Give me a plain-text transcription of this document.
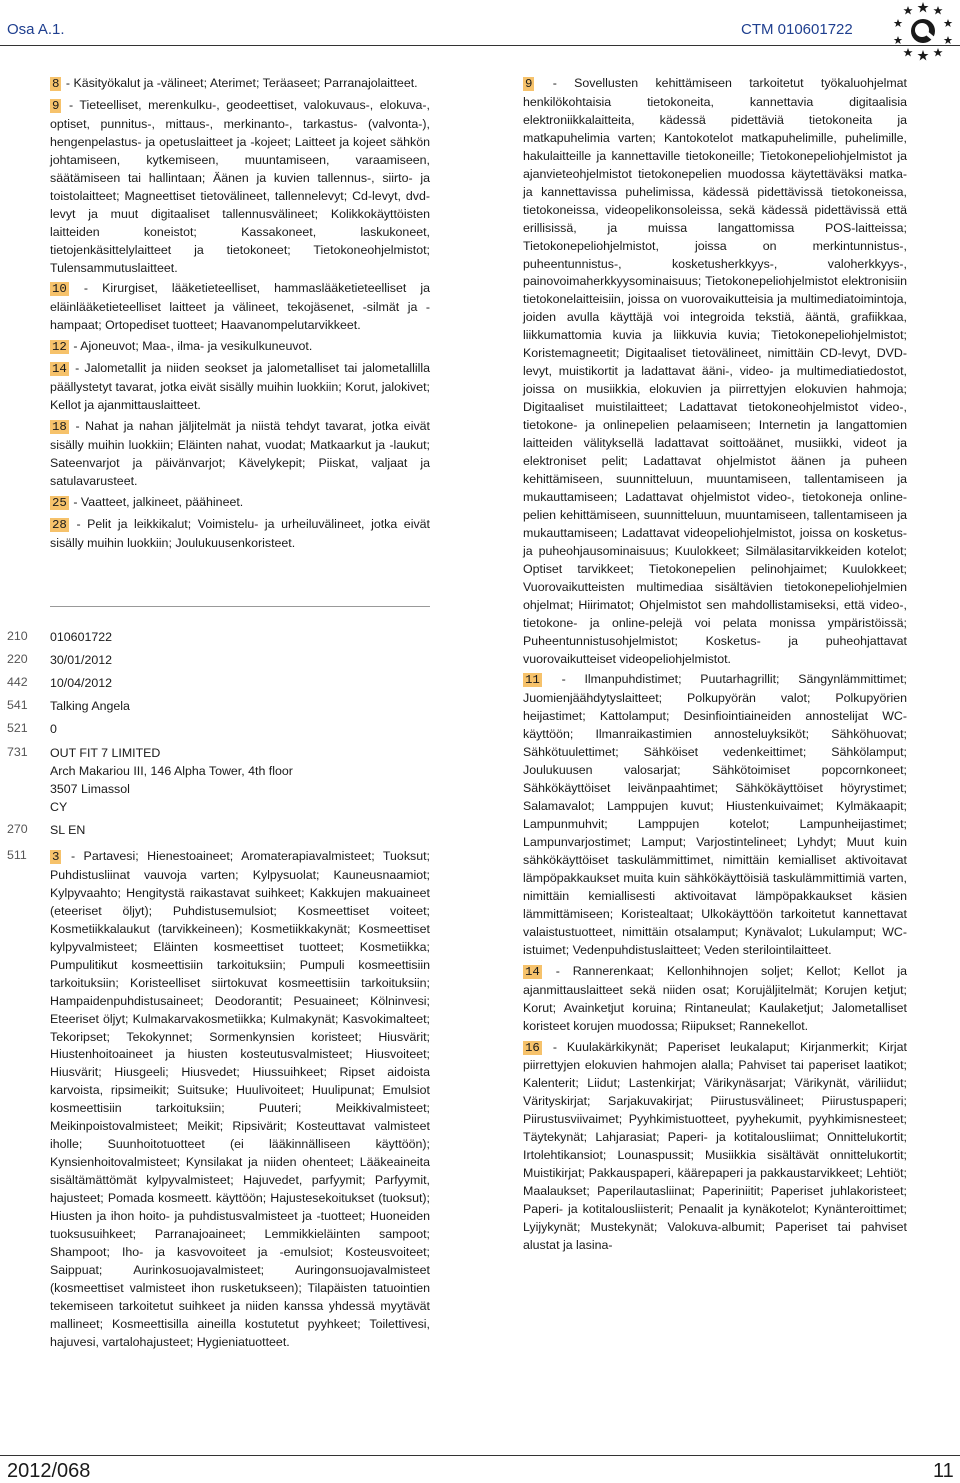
Osa A.1.	CTM 010601722

8 - Käsityökalut ja -välineet; Aterimet; Teräaseet; Parranajolaitteet.

9 - Tieteelliset, merenkulku-, geodeettiset, valokuvaus-, elokuva-, optiset, punnitus-, mittaus-, merkinanto-, tarkastus- (valvonta-), hengenpelastus- ja opetuslaitteet ja -kojeet; Laitteet ja kojeet sähkön johtamiseen, kytkemiseen, muuntamiseen, varaamiseen, säätämiseen tai hallintaan; Äänen ja kuvien tallennus-, siirto- ja toistolaitteet; Magneettiset tietovälineet, tallennelevyt; Cd-levyt, dvd-levyt ja muut digitaaliset tallennusvälineet; Kolikkokäyttöisten laitteiden koneistot; Kassakoneet, laskukoneet, tietojenkäsittelylaitteet ja tietokoneet; Tietokoneohjelmistot; Tulensammutuslaitteet.

10 - Kirurgiset, lääketieteelliset, hammaslääketieteelliset ja eläinlääketieteelliset laitteet ja välineet, tekojäsenet, -silmät ja -hampaat; Ortopediset tuotteet; Haavanompelutarvikkeet.

12 - Ajoneuvot; Maa-, ilma- ja vesikulkuneuvot.

14 - Jalometallit ja niiden seokset ja jalometalliset tai jalometallilla päällystetyt tavarat, jotka eivät sisälly muihin luokkiin; Korut, jalokivet; Kellot ja ajanmittauslaitteet.

18 - Nahat ja nahan jäljitelmät ja niistä tehdyt tavarat, jotka eivät sisälly muihin luokkiin; Eläinten nahat, vuodat; Matkaarkut ja -laukut; Sateenvarjot ja päivänvarjot; Kävelykepit; Piiskat, valjaat ja satulavarusteet.

25 - Vaatteet, jalkineet, päähineet.

28 - Pelit ja leikkikalut; Voimistelu- ja urheiluvälineet, jotka eivät sisälly muihin luokkiin; Joulukuusenkoristeet.

210 010601722
220 30/01/2012
442 10/04/2012
541 Talking Angela
521 0
731 OUT FIT 7 LIMITED
Arch Makariou III, 146 Alpha Tower, 4th floor
3507 Limassol
CY
270 SL EN
511 3 - Partavesi; Hienestoaineet; Aromaterapiavalmisteet; Tuoksut; Puhdistusliinat vauvoja varten; Kylpysuolat; Kauneusnaamiot; Kylpyvaahto; Hengitystä raikastavat suihkeet; Kakkujen makuaineet (eteeriset öljyt); Puhdistusemulsiot; Kosmeettiset voiteet; Kosmetiikkalaukut (tarvikkeineen); Kosmetiikkakynät; Kosmeettiset kylpyvalmisteet; Eläinten kosmeettiset tuotteet; Kosmetiikka; Pumpulitikut kosmeettisiin tarkoituksiin; Pumpuli kosmeettisiin tarkoituksiin; Koristeelliset siirtokuvat kosmeettisiin tarkoituksiin; Hampaidenpuhdistusaineet; Deodorantit; Pesuaineet; Kölninvesi; Eteeriset öljyt; Kulmakarvakosmetiikka; Kulmakynät; Kasvokimalteet; Tekoripset; Tekokynnet; Sormenkynsien koristeet; Hiusvärit; Hiustenhoitoaineet ja hiusten kosteutusvalmisteet; Hiusvoiteet; Hiusvärit; Hiusgeeli; Hiusvedet; Hiussuihkeet; Ripset aidoista karvoista, ripsimeikit; Suitsuke; Huulivoiteet; Huulipunat; Emulsiot kosmeettisiin tarkoituksiin; Puuteri; Meikkivalmisteet; Meikinpoistovalmisteet; Meikit; Ripsivärit; Kosteuttavat valmisteet iholle; Suunhoitotuotteet (ei lääkinnälliseen käyttöön); Kynsienhoitovalmisteet; Kynsilakat ja niiden ohenteet; Lääkeaineita sisältämättömät kylpyvalmisteet; Hajuvedet, parfyymit; Parfyymit, hajusteet; Pomada kosmeett. käyttöön; Hajustesekoitukset (tuoksut); Hiusten ja ihon hoito- ja puhdistusvalmisteet ja -tuotteet; Huoneiden tuoksusuihkeet; Parranajoaineet; Lemmikkieläinten sampoot; Shampoot; Iho- ja kasvovoiteet ja -emulsiot; Kosteusvoiteet; Saippuat; Aurinkosuojavalmisteet; Auringonsuojavalmisteet (kosmeettiset valmisteet ihon rusketukseen); Tilapäisten tatuointien tekemiseen tarkoitetut suihkeet ja niiden kanssa yhdessä myytävät mallineet; Kosmeettisilla aineilla kostutetut pyyhkeet; Toilettivesi, hajuvesi, vartalohajusteet; Hygieniatuotteet.

9 - Sovellusten kehittämiseen tarkoitetut työkaluohjelmat henkilökohtaisia tietokoneita, kannettavia digitaalisia elektroniikkalaitteita, kädessä pidettäviä tietokoneita ja matkapuhelimia varten; Kantokotelot matkapuhelimille, puhelimille, hakulaitteille ja kannettaville tietokoneille; Tietokonepeliohjelmistot ja ajanvieteohjelmistot tietokonepelien muodossa käytettäväksi matka- ja kannettavissa puhelimissa, kädessä pidettävissä tietokoneissa, tietokoneissa, videopelikonsoleissa, sekä kädessä pidettävissä että erillisissä, ja muissa langattomissa POS-laitteissa; Tietokonepeliohjelmistot, joissa on merkintunnistus-, puheentunnistus-, kosketusherkkyys-, valoherkkyys-, painovoimaherkkyysominaisuus; Tietokonepeliohjelmistot elektronisiin tietokonelaitteisiin, joissa on vuorovaikutteisia ja multimediatoimintoja, joiden avulla käyttäjä voi integroida tekstiä, ääntä, grafiikkaa, liikkumattomia kuvia ja liikkuvia kuvia; Tietokonepeliohjelmistot; Koristemagneetit; Digitaaliset tietovälineet, nimittäin CD-levyt, DVD-levyt, muistikortit ja ladattavat ääni-, video- ja multimediatiedostot, joissa on musiikkia, elokuvien ja piirrettyjen elokuvien hahmoja; Digitaaliset muistilaitteet; Ladattavat tietokoneohjelmistot video-, tietokone- ja onlinepelien pelaamiseen; Internetin ja langattomien laitteiden välityksellä ladattavat soittoäänet, musiikki, videot ja elektroniset pelit; Ladattavat ohjelmistot äänen ja puheen kehittämiseen, suunnitteluun, muuntamiseen, tallentamiseen ja mukauttamiseen; Ladattavat ohjelmistot video-, tietokoneja online-pelien kehittämiseen, suunnitteluun, muuntamiseen, tallentamiseen ja mukauttamiseen; Ladattavat videopeliohjelmistot, joissa on kosketus- ja puheohjausominaisuus; Kuulokkeet; Silmälasitarvikkeiden kotelot; Optiset tarvikkeet; Tietokonepelien pelinohjaimet; Kuulokkeet; Vuorovaikutteisten multimediaa sisältävien tietokonepeliohjelmien ohjelmat; Hiirimatot; Ohjelmistot sen mahdollistamiseksi, että video-, tietokone- ja online-pelejä voi pelata monissa ympäristöissä; Puheentunnistusohjelmistot; Kosketus- ja puheohjattavat vuorovaikutteiset videopeliohjelmistot.

11 - Ilmanpuhdistimet; Puutarhagrillit; Sängynlämmittimet; Juomienjäähdytyslaitteet; Polkupyörän valot; Polkupyörien heijastimet; Kattolamput; Desinfiointiaineiden annostelijat WC-käyttöön; Ilmanraikastimien annosteluyksiköt; Sähköhuovat; Sähkötuulettimet; Sähköiset vedenkeittimet; Sähkölamput; Joulukuusen valosarjat; Sähkötoimiset popcornkoneet; Sähkökäyttöiset leivänpaahtimet; Sähkökäyttöiset höyrystimet; Salamavalot; Lamppujen kuvut; Hiustenkuivaimet; Kylmäkaapit; Lampunmuhvit; Lamppujen kotelot; Lampunheijastimet; Lampunvarjostimet; Lamput; Varjostintelineet; Lyhdyt; Muut kuin sähkökäyttöiset taskulämmittimet, nimittäin kemialliset aktivoitavat lämpöpakkaukset muita kuin sähkökäyttöisiä taskulämmittimiä varten, nimittäin kemiallisesti aktivoitavat lämpöpakkaukset käsien lämmittämiseen; Koristealtaat; Ulkokäyttöön tarkoitetut kannettavat valaistustuotteet, nimittäin otsalamput; Kynävalot; Lukulamput; WC-istuimet; Vedenpuhdistuslaitteet; Veden sterilointilaitteet.

14 - Rannerenkaat; Kellonhihnojen soljet; Kellot; Kellot ja ajanmittauslaitteet sekä niiden osat; Korujäljitelmät; Korujen ketjut; Korut; Avainketjut koruina; Rintaneulat; Kaulaketjut; Jalometalliset koristeet korujen muodossa; Riipukset; Rannekellot.

16 - Kuulakärkikynät; Paperiset leukalaput; Kirjanmerkit; Kirjat piirrettyjen elokuvien hahmojen alalla; Pahviset tai paperiset laatikot; Kalenterit; Liidut; Lastenkirjat; Värikynäsarjat; Värikynät, väriliidut; Värityskirjat; Sarjakuvakirjat; Piirustusvälineet; Piirustuspaperi; Piirustusviivaimet; Pyyhkimistuotteet, pyyhekumit, pyyhkimisnesteet; Täytekynät; Lahjarasiat; Paperi- ja kotitalousliimat; Onnittelukortit; Irtolehtikansiot; Lounaspussit; Musiikkia sisältävät onnittelukortit; Muistikirjat; Pakkauspaperi, käärepaperi ja pakkaustarvikkeet; Lehtiöt; Maalaukset; Paperilautasliinat; Paperiniitit; Paperiset juhlakoristeet; Paperi- ja kotitalousliisterit; Penaalit ja kynäkotelot; Kynänteroittimet; Lyijykynät; Mustekynät; Valokuva-albumit; Paperiset tai pahviset alustat ja lasina-

2012/068	11
